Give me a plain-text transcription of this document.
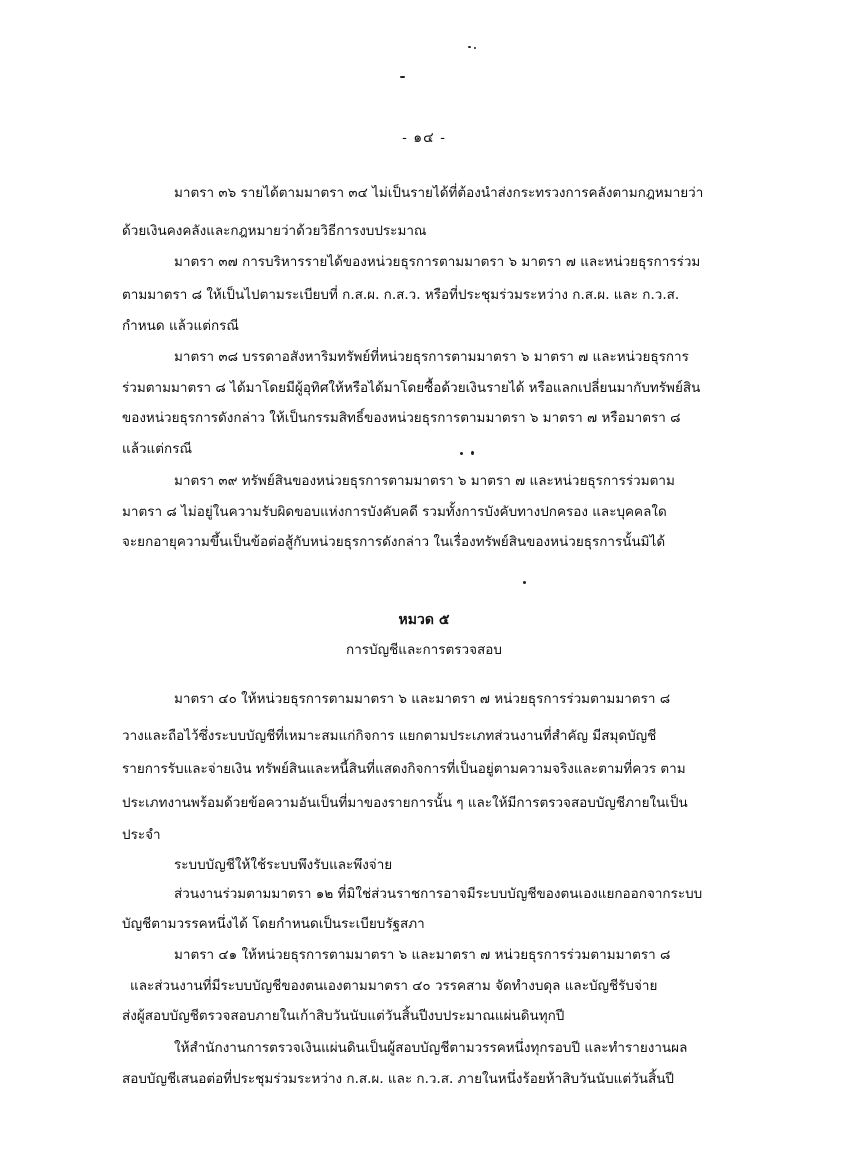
- ๑๔ -
มาตรา ๓๖ รายได้ตามมาตรา ๓๔ ไม่เป็นรายได้ที่ต้องนำส่งกระทรวงการคลังตามกฎหมายว่า
ด้วยเงินคงคลังและกฎหมายว่าด้วยวิธีการงบประมาณ
มาตรา ๓๗ การบริหารรายได้ของหน่วยธุรการตามมาตรา ๖ มาตรา ๗ และหน่วยธุรการร่วม
ตามมาตรา ๘ ให้เป็นไปตามระเบียบที่ ก.ส.ผ. ก.ส.ว. หรือที่ประชุมร่วมระหว่าง ก.ส.ผ. และ ก.ว.ส.
กำหนด แล้วแต่กรณี
มาตรา ๓๘ บรรดาอสังหาริมทรัพย์ที่หน่วยธุรการตามมาตรา ๖ มาตรา ๗ และหน่วยธุรการ
ร่วมตามมาตรา ๘ ได้มาโดยมีผู้อุทิศให้หรือได้มาโดยซื้อด้วยเงินรายได้ หรือแลกเปลี่ยนมากับทรัพย์สิน
ของหน่วยธุรการดังกล่าว ให้เป็นกรรมสิทธิ์ของหน่วยธุรการตามมาตรา ๖ มาตรา ๗ หรือมาตรา ๘
แล้วแต่กรณี
มาตรา ๓๙ ทรัพย์สินของหน่วยธุรการตามมาตรา ๖ มาตรา ๗ และหน่วยธุรการร่วมตาม
มาตรา ๘ ไม่อยู่ในความรับผิดขอบแห่งการบังคับคดี รวมทั้งการบังคับทางปกครอง และบุคคลใด
จะยกอายุความขึ้นเป็นข้อต่อสู้กับหน่วยธุรการดังกล่าว ในเรื่องทรัพย์สินของหน่วยธุรการนั้นมิได้
หมวด ๕
การบัญชีและการตรวจสอบ
มาตรา ๔๐ ให้หน่วยธุรการตามมาตรา ๖ และมาตรา ๗ หน่วยธุรการร่วมตามมาตรา ๘
วางและถือไว้ซึ่งระบบบัญชีที่เหมาะสมแก่กิจการ แยกตามประเภทส่วนงานที่สำคัญ มีสมุดบัญชี
รายการรับและจ่ายเงิน ทรัพย์สินและหนี้สินที่แสดงกิจการที่เป็นอยู่ตามความจริงและตามที่ควร ตาม
ประเภทงานพร้อมด้วยข้อความอันเป็นที่มาของรายการนั้น ๆ และให้มีการตรวจสอบบัญชีภายในเป็น
ประจำ
ระบบบัญชีให้ใช้ระบบพึงรับและพึงจ่าย
ส่วนงานร่วมตามมาตรา ๑๒ ที่มิใช่ส่วนราชการอาจมีระบบบัญชีของตนเองแยกออกจากระบบ
บัญชีตามวรรคหนึ่งได้ โดยกำหนดเป็นระเบียบรัฐสภา
มาตรา ๔๑ ให้หน่วยธุรการตามมาตรา ๖ และมาตรา ๗ หน่วยธุรการร่วมตามมาตรา ๘
และส่วนงานที่มีระบบบัญชีของตนเองตามมาตรา ๔๐ วรรคสาม จัดทำงบดุล และบัญชีรับจ่าย
ส่งผู้สอบบัญชีตรวจสอบภายในเก้าสิบวันนับแต่วันสิ้นปีงบประมาณแผ่นดินทุกปี
ให้สำนักงานการตรวจเงินแผ่นดินเป็นผู้สอบบัญชีตามวรรคหนึ่งทุกรอบปี และทำรายงานผล
สอบบัญชีเสนอต่อที่ประชุมร่วมระหว่าง ก.ส.ผ. และ ก.ว.ส. ภายในหนึ่งร้อยห้าสิบวันนับแต่วันสิ้นปี
